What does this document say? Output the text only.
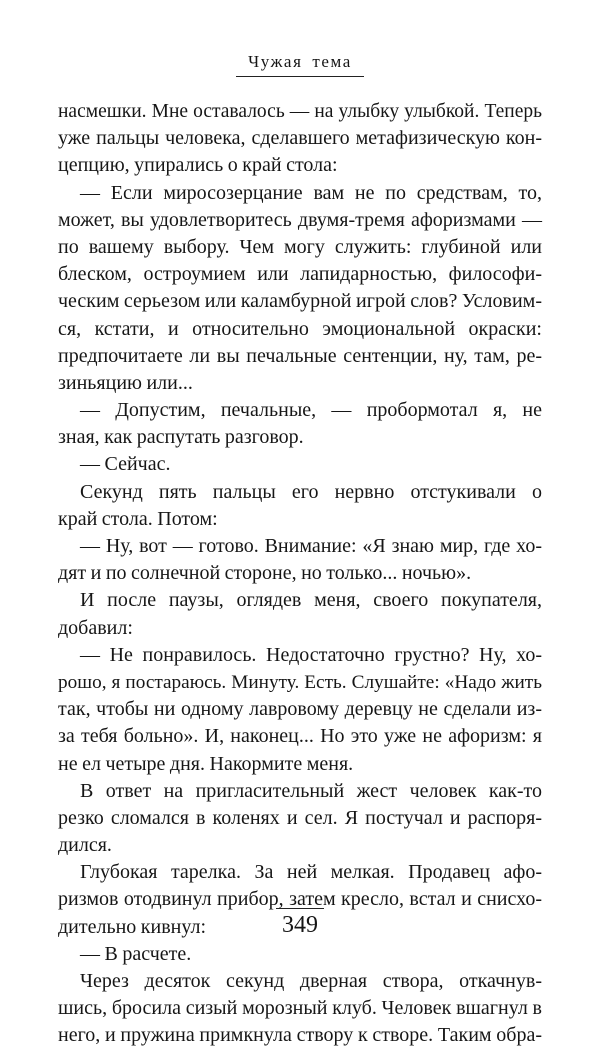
Чужая тема
насмешки. Мне оставалось — на улыбку улыбкой. Теперь
уже пальцы человека, сделавшего метафизическую кон-
цепцию, упирались о край стола:
— Если миросозерцание вам не по средствам, то,
может, вы удовлетворитесь двумя-тремя афоризмами —
по вашему выбору. Чем могу служить: глубиной или
блеском, остроумием или лапидарностью, философи-
ческим серьезом или каламбурной игрой слов? Условим-
ся, кстати, и относительно эмоциональной окраски:
предпочитаете ли вы печальные сентенции, ну, там, ре-
зиньяцию или...
— Допустим, печальные, — пробормотал я, не
зная, как распутать разговор.
— Сейчас.
Секунд пять пальцы его нервно отстукивали о
край стола. Потом:
— Ну, вот — готово. Внимание: «Я знаю мир, где хо-
дят и по солнечной стороне, но только... ночью».
И после паузы, оглядев меня, своего покупателя,
добавил:
— Не понравилось. Недостаточно грустно? Ну, хо-
рошо, я постараюсь. Минуту. Есть. Слушайте: «Надо жить
так, чтобы ни одному лавровому деревцу не сделали из-
за тебя больно». И, наконец... Но это уже не афоризм: я
не ел четыре дня. Накормите меня.
В ответ на пригласительный жест человек как-то
резко сломался в коленях и сел. Я постучал и распоря-
дился.
Глубокая тарелка. За ней мелкая. Продавец афо-
ризмов отодвинул прибор, затем кресло, встал и снисхо-
дительно кивнул:
— В расчете.
Через десяток секунд дверная створа, откачнув-
шись, бросила сизый морозный клуб. Человек вшагнул в
него, и пружина примкнула створу к створе. Таким обра-
349
